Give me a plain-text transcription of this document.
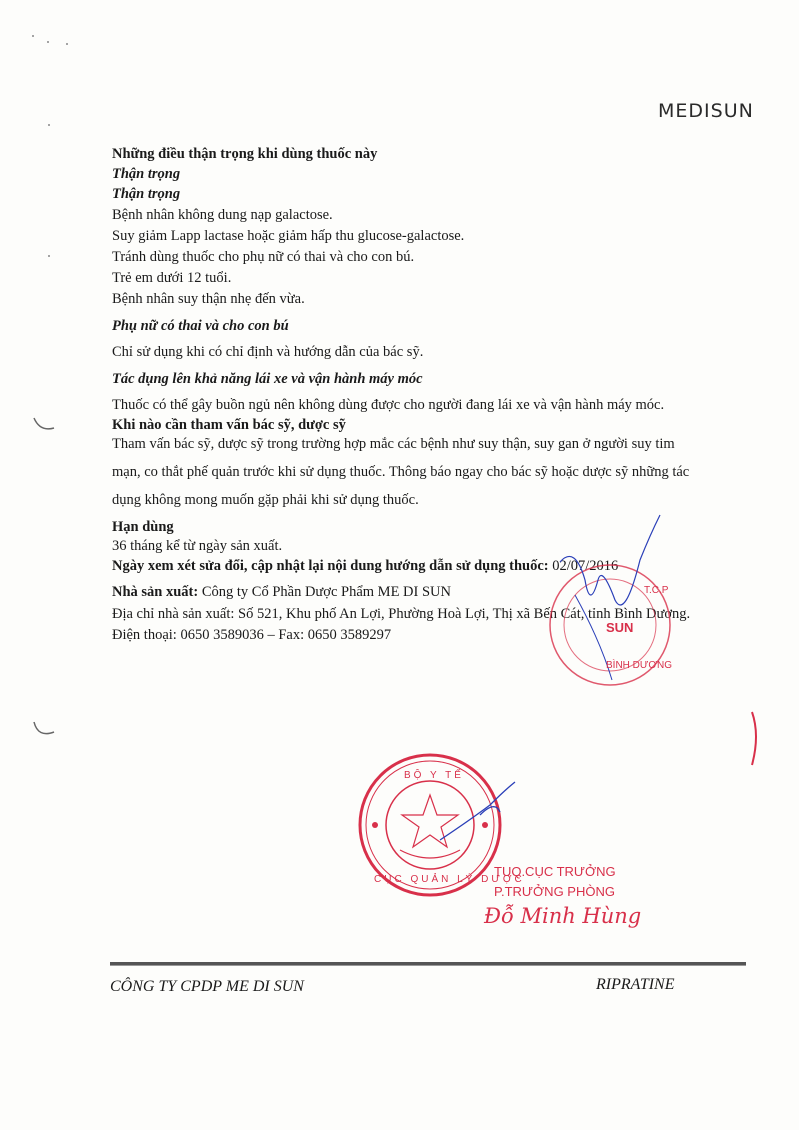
MEDISUN
Những điều thận trọng khi dùng thuốc này
Thận trọng
Thận trọng
Bệnh nhân không dung nạp galactose.
Suy giảm Lapp lactase hoặc giảm hấp thu glucose-galactose.
Tránh dùng thuốc cho phụ nữ có thai và cho con bú.
Trẻ em dưới 12 tuổi.
Bệnh nhân suy thận nhẹ đến vừa.
Phụ nữ có thai và cho con bú
Chỉ sử dụng khi có chỉ định và hướng dẫn của bác sỹ.
Tác dụng lên khả năng lái xe và vận hành máy móc
Thuốc có thể gây buồn ngủ nên không dùng được cho người đang lái xe và vận hành máy móc.
Khi nào cần tham vấn bác sỹ, dược sỹ
Tham vấn bác sỹ, dược sỹ trong trường hợp mắc các bệnh như suy thận, suy gan ở người suy tim
mạn, co thắt phế quản trước khi sử dụng thuốc. Thông báo ngay cho bác sỹ hoặc dược sỹ những tác
dụng không mong muốn gặp phải khi sử dụng thuốc.
Hạn dùng
36 tháng kể từ ngày sản xuất.
Ngày xem xét sửa đổi, cập nhật lại nội dung hướng dẫn sử dụng thuốc: 02/07/2016
Nhà sản xuất: Công ty Cổ Phần Dược Phẩm ME DI SUN
Địa chỉ nhà sản xuất: Số 521, Khu phố An Lợi, Phường Hoà Lợi, Thị xã Bến Cát, tỉnh Bình Dương.
Điện thoại: 0650 3589036 – Fax: 0650 3589297	SUN
BÌNH DƯƠNG
T.C.P
BỘ Y TẾ
CỤC QUẢN LÝ DƯỢC
TUQ.CỤC TRƯỞNG
P.TRƯỞNG PHÒNG
Đỗ Minh Hùng
CÔNG TY CPDP ME DI SUN	RIPRATINE
